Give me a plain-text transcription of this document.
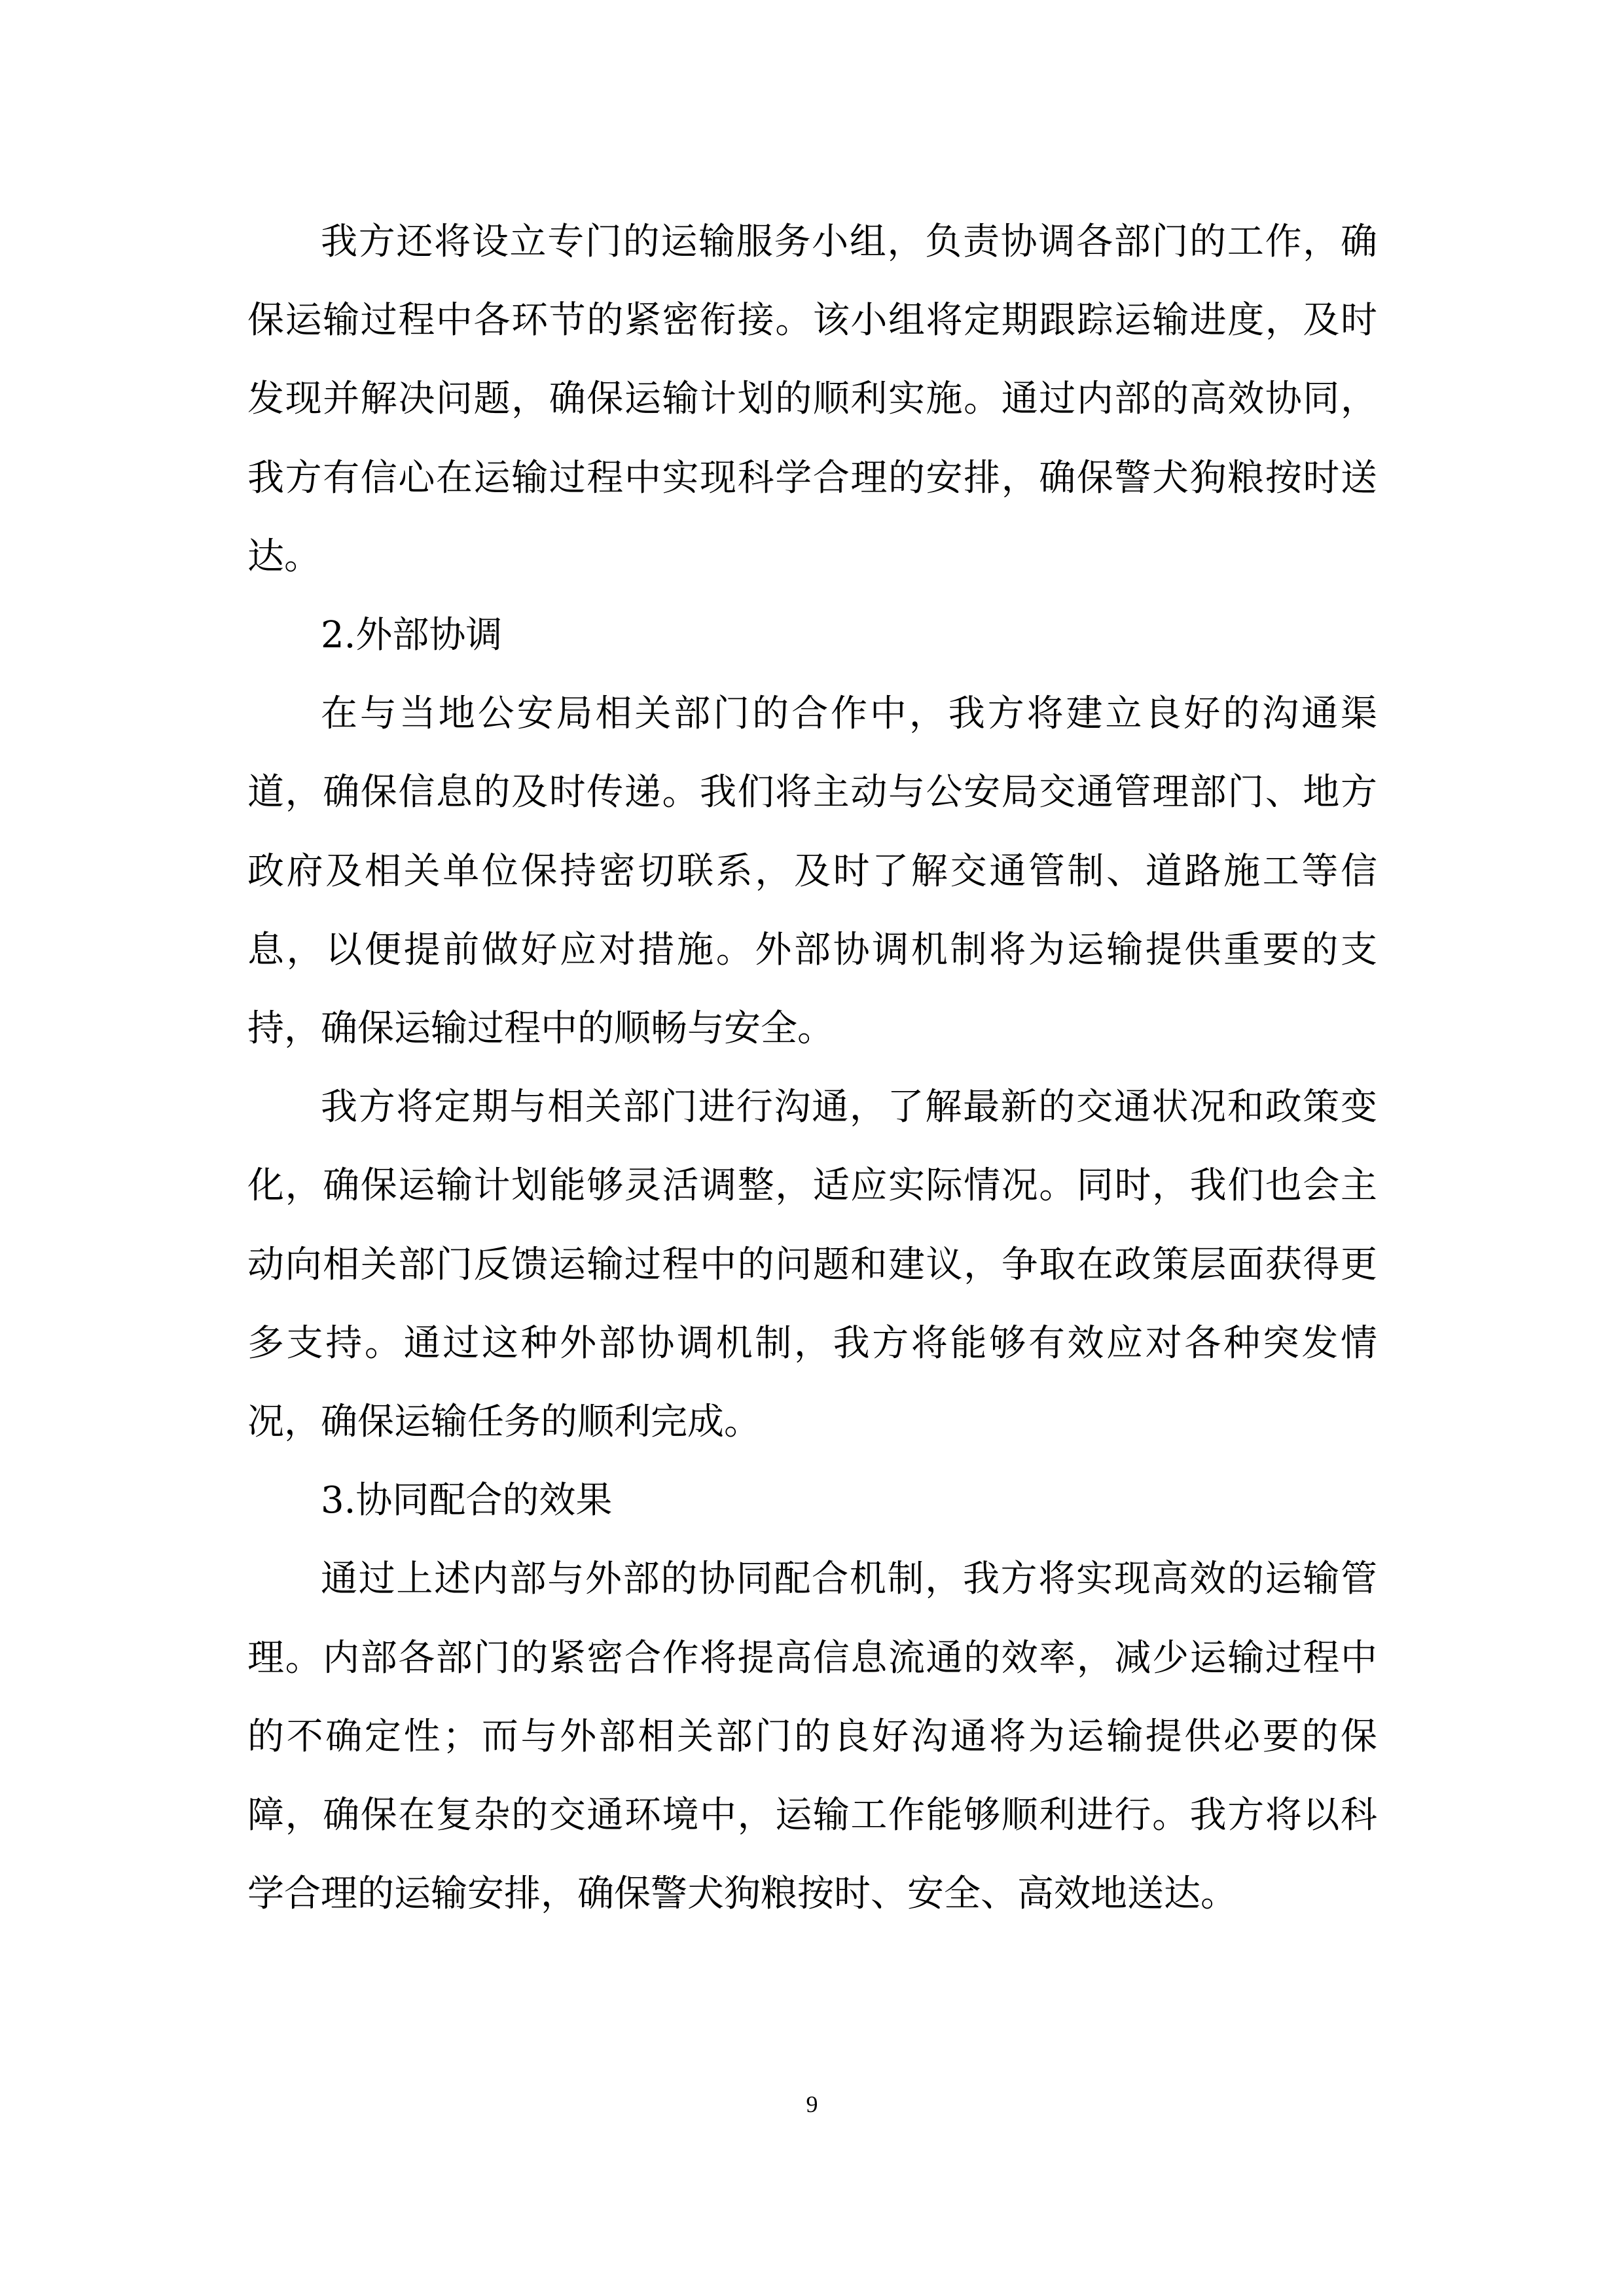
我方还将设立专门的运输服务小组，负责协调各部门的工作，确保运输过程中各环节的紧密衔接。该小组将定期跟踪运输进度，及时发现并解决问题，确保运输计划的顺利实施。通过内部的高效协同，我方有信心在运输过程中实现科学合理的安排，确保警犬狗粮按时送达。

2.外部协调

在与当地公安局相关部门的合作中，我方将建立良好的沟通渠道，确保信息的及时传递。我们将主动与公安局交通管理部门、地方政府及相关单位保持密切联系，及时了解交通管制、道路施工等信息，以便提前做好应对措施。外部协调机制将为运输提供重要的支持，确保运输过程中的顺畅与安全。

我方将定期与相关部门进行沟通，了解最新的交通状况和政策变化，确保运输计划能够灵活调整，适应实际情况。同时，我们也会主动向相关部门反馈运输过程中的问题和建议，争取在政策层面获得更多支持。通过这种外部协调机制，我方将能够有效应对各种突发情况，确保运输任务的顺利完成。

3.协同配合的效果

通过上述内部与外部的协同配合机制，我方将实现高效的运输管理。内部各部门的紧密合作将提高信息流通的效率，减少运输过程中的不确定性；而与外部相关部门的良好沟通将为运输提供必要的保障，确保在复杂的交通环境中，运输工作能够顺利进行。我方将以科学合理的运输安排，确保警犬狗粮按时、安全、高效地送达。

9
